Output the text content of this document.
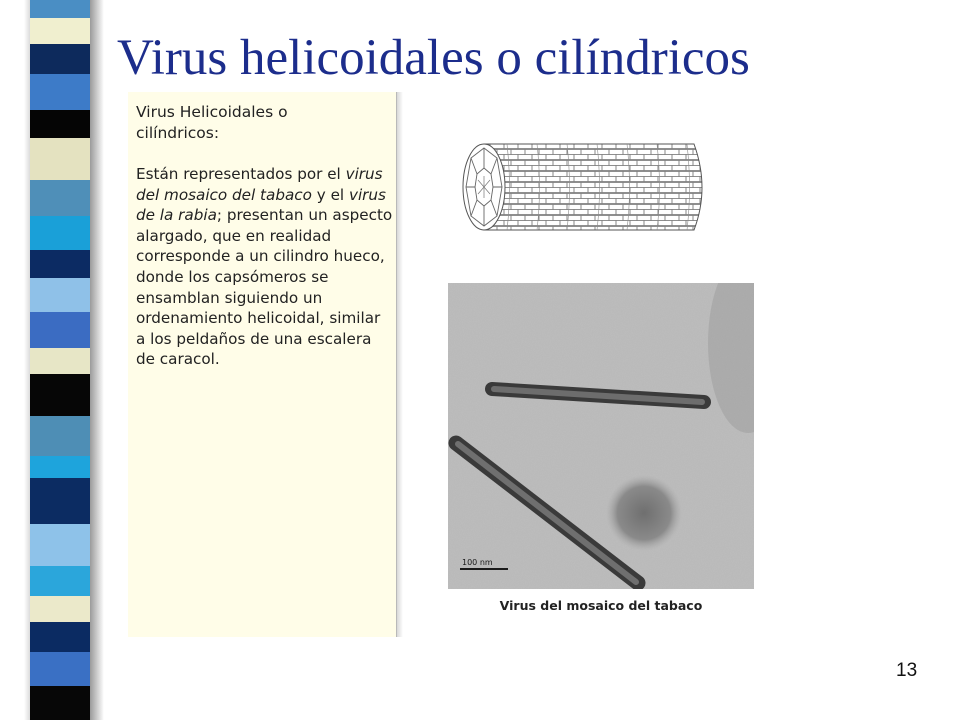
Virus helicoidales o cilíndricos
Virus Helicoidales o
cilíndricos:
Están representados por el virus del mosaico del tabaco y el virus de la rabia; presentan un aspecto alargado, que en realidad corresponde a un cilindro hueco, donde los capsómeros se ensamblan siguiendo un ordenamiento helicoidal, similar a los peldaños de una escalera de caracol.
100 nm
Virus del mosaico del tabaco
13
